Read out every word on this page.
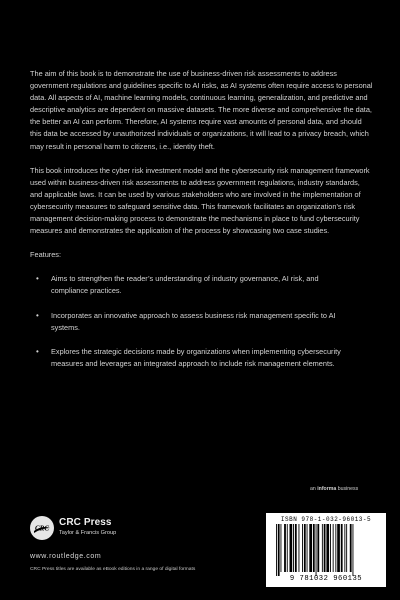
The aim of this book is to demonstrate the use of business-driven risk assessments to address government regulations and guidelines specific to AI risks, as AI systems often require access to personal data. All aspects of AI, machine learning models, continuous learning, generalization, and predictive and descriptive analytics are dependent on massive datasets. The more diverse and comprehensive the data, the better an AI can perform. Therefore, AI systems require vast amounts of personal data, and should this data be accessed by unauthorized individuals or organizations, it will lead to a privacy breach, which may result in personal harm to citizens, i.e., identity theft.

This book introduces the cyber risk investment model and the cybersecurity risk management framework used within business-driven risk assessments to address government regulations, industry standards, and applicable laws. It can be used by various stakeholders who are involved in the implementation of cybersecurity measures to safeguard sensitive data. This framework facilitates an organization’s risk management decision-making process to demonstrate the mechanisms in place to fund cybersecurity measures and demonstrates the application of the process by showcasing two case studies.

Features:

• Aims to strengthen the reader’s understanding of industry governance, AI risk, and compliance practices.
• Incorporates an innovative approach to assess business risk management specific to AI systems.
• Explores the strategic decisions made by organizations when implementing cybersecurity measures and leverages an integrated approach to include risk management elements.
an informa business
CRC
CRC Press
Taylor & Francis Group
www.routledge.com
CRC Press titles are available as eBook editions in a range of digital formats
ISBN 978-1-032-96013-5
9 781032 960135
